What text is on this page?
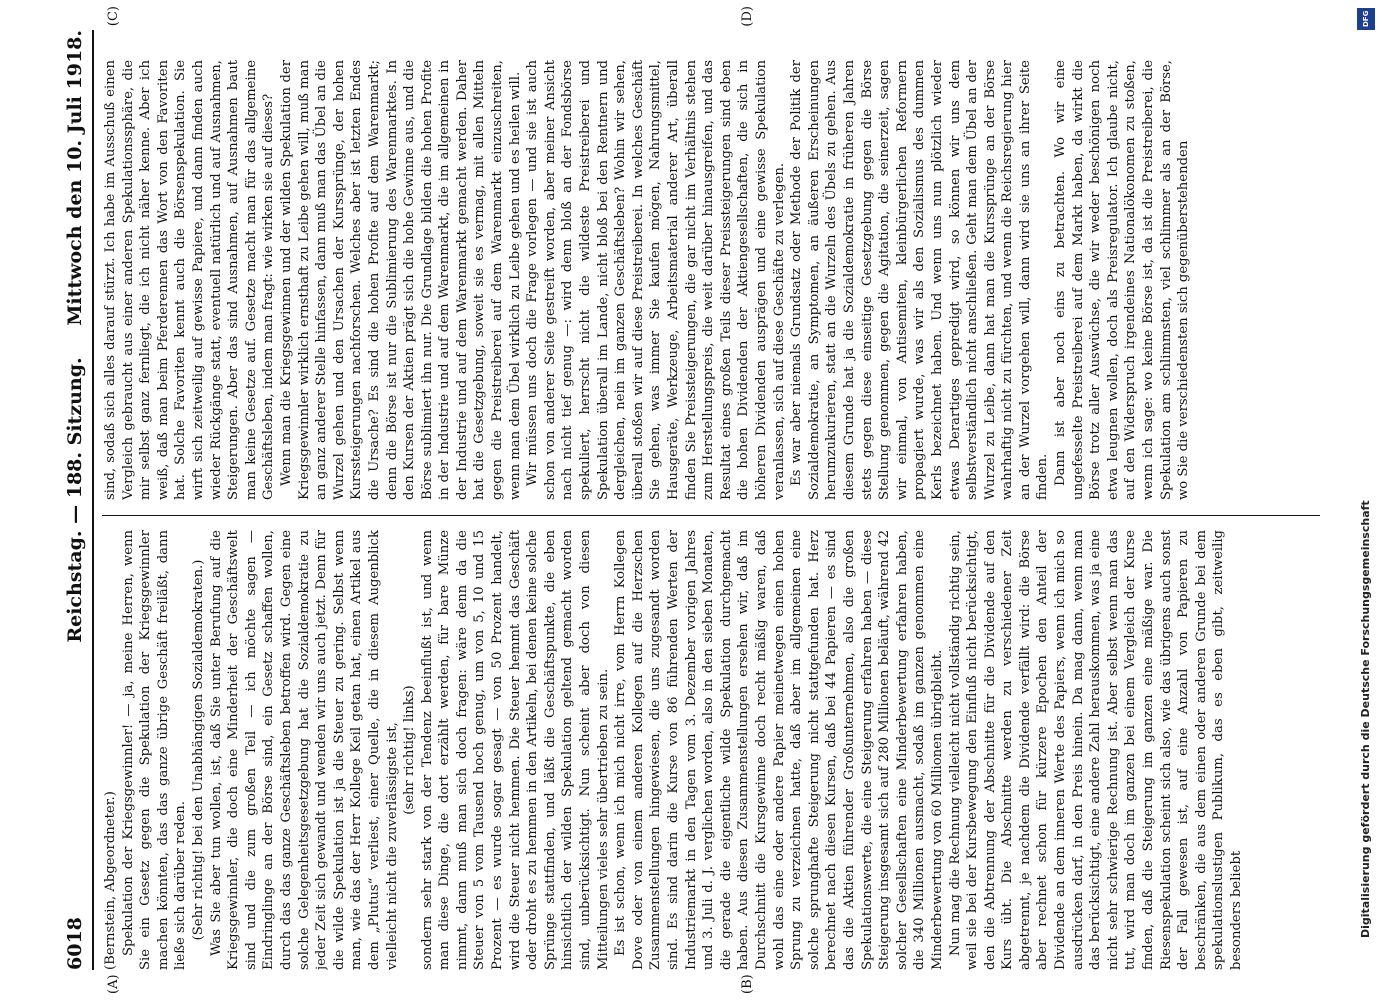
6018
Reichstag. — 188. Sitzung.
Mittwoch den 10. Juli 1918.
(A)	(B)
(C)	(D)

(Bernstein, Abgeordneter.) Spekulation der Kriegsgewinnler! — ja, meine Herren, wenn Sie ein Gesetz gegen die Spekulation der Kriegsgewinnler machen könnten, das das ganze übrige Geschäft freiläßt, dann ließe sich darüber reden. (Sehr richtig! bei den Unabhängigen Sozialdemokraten.) Was Sie aber tun wollen, ist, daß Sie unter Berufung auf die Kriegsgewinnler, die doch eine Minderheit der Geschäftswelt sind und die zum großen Teil — ich möchte sagen — Eindringlinge an der Börse sind, ein Gesetz schaffen wollen, durch das das ganze Geschäftsleben betroffen wird. Gegen eine solche Gelegenheitsgesetzgebung hat die Sozialdemokratie zu jeder Zeit sich gewandt und wenden wir uns auch jetzt. Denn für die wilde Spekulation ist ja die Steuer zu gering. Selbst wenn man, wie das der Herr Kollege Keil getan hat, einen Artikel aus dem „Plutus“ verliest, einer Quelle, die in diesem Augenblick vielleicht nicht die zuverlässigste ist, (sehr richtig! links) sondern sehr stark von der Tendenz beeinflußt ist, und wenn man diese Dinge, die dort erzählt werden, für bare Münze nimmt, dann muß man sich doch fragen: wäre denn da die Steuer von 5 vom Tausend hoch genug, um von 5, 10 und 15 Prozent — es wurde sogar gesagt — von 50 Prozent handelt, wird die Steuer nicht hemmen. Die Steuer hemmt das Geschäft oder droht es zu hemmen in den Artikeln, bei denen keine solche Sprünge stattfinden, und läßt die Geschäftspunkte, die eben hinsichtlich der wilden Spekulation geltend gemacht worden sind, unberücksichtigt. Nun scheint aber doch von diesen Mitteilungen vieles sehr übertrieben zu sein. Es ist schon, wenn ich mich nicht irre, vom Herrn Kollegen Dove oder von einem anderen Kollegen auf die Herzschen Zusammenstellungen hingewiesen, die uns zugesandt worden sind. Es sind darin die Kurse von 86 führenden Werten der Industriemarkt in den Tagen vom 3. Dezember vorigen Jahres und 3. Juli d. J. verglichen worden, also in den sieben Monaten, die gerade die eigentliche wilde Spekulation durchgemacht haben. Aus diesen Zusammenstellungen ersehen wir, daß im Durchschnitt die Kursgewinne doch recht mäßig waren, daß wohl das eine oder andere Papier meinetwegen einen hohen Sprung zu verzeichnen hatte, daß aber im allgemeinen eine solche sprunghafte Steigerung nicht stattgefunden hat. Herz berechnet nach diesen Kursen, daß bei 44 Papieren — es sind das die Aktien führender Großunternehmen, also die großen Spekulationswerte, die eine Steigerung erfahren haben — diese Steigerung insgesamt sich auf 280 Millionen beläuft, während 42 solcher Gesellschaften eine Minderbewertung erfahren haben, die 340 Millionen ausmacht, sodaß im ganzen genommen eine Minderbewertung von 60 Millionen übrigbleibt. Nun mag die Rechnung vielleicht nicht vollständig richtig sein, weil sie bei der Kursbewegung den Einfluß nicht berücksichtigt, den die Abtrennung der Abschnitte für die Dividende auf den Kurs übt. Die Abschnitte werden zu verschiedener Zeit abgetrennt, je nachdem die Dividende verfällt wird: die Börse aber rechnet schon für kürzere Epochen den Anteil der Dividende an dem inneren Werte des Papiers, wenn ich mich so ausdrücken darf, in den Preis hinein. Da mag dann, wenn man das berücksichtigt, eine andere Zahl herauskommen, was ja eine nicht sehr schwierige Rechnung ist. Aber selbst wenn man das tut, wird man doch im ganzen bei einem Vergleich der Kurse finden, daß die Steigerung im ganzen eine mäßige war. Die Riesenspekulation scheint sich also, wie das übrigens auch sonst der Fall gewesen ist, auf eine Anzahl von Papieren zu beschränken, die aus dem einen oder anderen Grunde bei dem spekulationslustigen Publikum, das es eben gibt, zeitweilig besonders beliebt

sind, sodaß sich alles darauf stürzt. Ich habe im Ausschuß einen Vergleich gebraucht aus einer anderen Spekulationssphäre, die mir selbst ganz fernliegt, die ich nicht näher kenne. Aber ich weiß, daß man beim Pferderennen das Wort von den Favoriten hat. Solche Favoriten kennt auch die Börsenspekulation. Sie wirft sich zeitweilig auf gewisse Papiere, und dann finden auch wieder Rückgänge statt, eventuell natürlich und auf Ausnahmen, Steigerungen. Aber das sind Ausnahmen, auf Ausnahmen baut man keine Gesetze auf. Gesetze macht man für das allgemeine Geschäftsleben, indem man fragt: wie wirken sie auf dieses? Wenn man die Kriegsgewinnen und der wilden Spekulation der Kriegsgewinnler wirklich ernsthaft zu Leibe gehen will, muß man an ganz anderer Stelle hinfassen, dann muß man das Übel an die Wurzel gehen und den Ursachen der Kurssprünge, der hohen Kurssteigerungen nachforschen. Welches aber ist letzten Endes die Ursache? Es sind die hohen Profite auf dem Warenmarkt; denn die Börse ist nur die Sublimierung des Warenmarktes. In den Kursen der Aktien prägt sich die hohe Gewinne aus, und die Börse sublimiert ihn nur. Die Grundlage bilden die hohen Profite in der Industrie und auf dem Warenmarkt, die im allgemeinen in der Industrie und auf dem Warenmarkt gemacht werden. Daher hat die Gesetzgebung, soweit sie es vermag, mit allen Mitteln gegen die Preistreiberei auf dem Warenmarkt einzuschreiten, wenn man dem Übel wirklich zu Leibe gehen und es heilen will. Wir müssen uns doch die Frage vorlegen — und sie ist auch schon von anderer Seite gestreift worden, aber meiner Ansicht nach nicht tief genug —: wird denn bloß an der Fondsbörse spekuliert, herrscht nicht die wildeste Preistreiberei und Spekulation überall im Lande, nicht bloß bei den Rentnern und dergleichen, nein im ganzen Geschäftsleben? Wohin wir sehen, überall stoßen wir auf diese Preistreiberei. In welches Geschäft Sie gehen, was immer Sie kaufen mögen, Nahrungsmittel, Hausgeräte, Werkzeuge, Arbeitsmaterial anderer Art, überall finden Sie Preissteigerungen, die gar nicht im Verhältnis stehen zum Herstellungspreis, die weit darüber hinausgreifen, und das Resultat eines großen Teils dieser Preissteigerungen sind eben die hohen Dividenden der Aktiengesellschaften, die sich in höheren Dividenden ausprägen und eine gewisse Spekulation veranlassen, sich auf diese Geschäfte zu verlegen. Es war aber niemals Grundsatz oder Methode der Politik der Sozialdemokratie, an Symptomen, an äußeren Erscheinungen herumzukurieren, statt an die Wurzeln des Übels zu gehen. Aus diesem Grunde hat ja die Sozialdemokratie in früheren Jahren stets gegen diese einseitige Gesetzgebung gegen die Börse Stellung genommen, gegen die Agitation, die seinerzeit, sagen wir einmal, von Antisemiten, kleinbürgerlichen Reformern propagiert wurde, was wir als den Sozialismus des dummen Kerls bezeichnet haben. Und wenn uns nun plötzlich wieder etwas Derartiges gepredigt wird, so können wir uns dem selbstverständlich nicht anschließen. Geht man dem Übel an der Wurzel zu Leibe, dann hat man die Kurssprünge an der Börse wahrhaftig nicht zu fürchten, und wenn die Reichsregierung hier an der Wurzel vorgehen will, dann wird sie uns an ihrer Seite finden. Dann ist aber noch eins zu betrachten. Wo wir eine ungefesselte Preistreiberei auf dem Markt haben, da wirkt die Börse trotz aller Auswüchse, die wir weder beschönigen noch etwa leugnen wollen, doch als Preisregulator. Ich glaube nicht, auf den Widerspruch irgendeines Nationalökonomen zu stoßen, wenn ich sage: wo keine Börse ist, da ist die Preistreiberei, die Spekulation am schlimmsten, viel schlimmer als an der Börse, wo Sie die verschiedensten sich gegenüberstehenden

DFG
Digitalisierung gefördert durch die Deutsche Forschungsgemeinschaft
